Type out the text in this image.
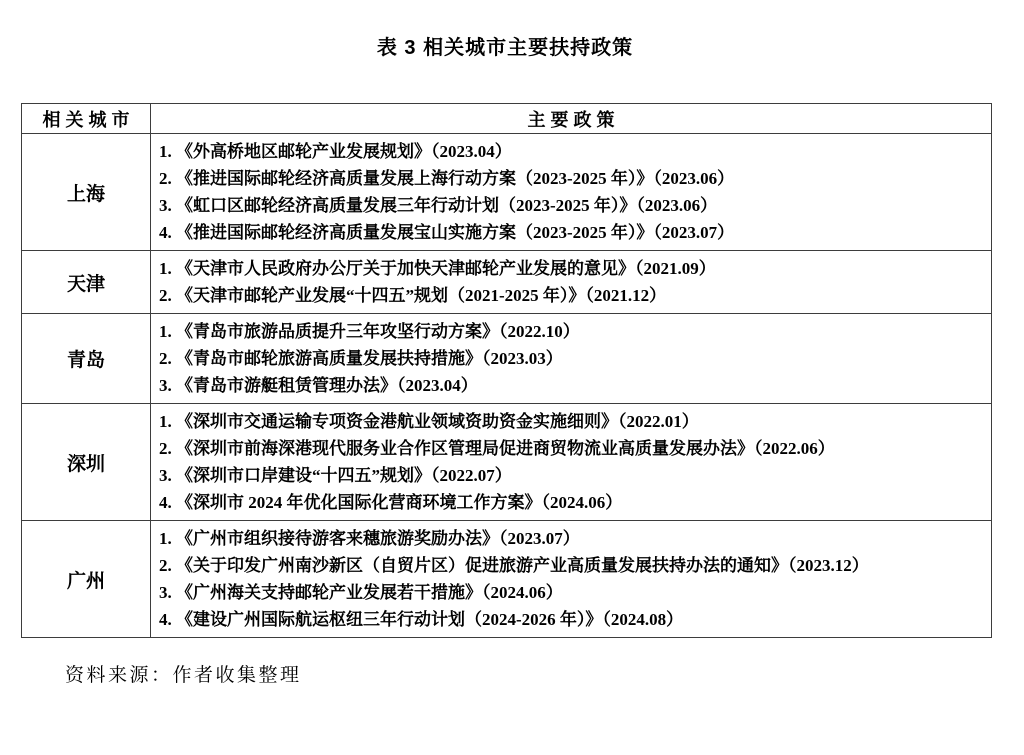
表 3 相关城市主要扶持政策
相 关 城 市	主 要 政 策
上海	1. 《外高桥地区邮轮产业发展规划》（2023.04）
2. 《推进国际邮轮经济高质量发展上海行动方案（2023-2025 年）》（2023.06）
3. 《虹口区邮轮经济高质量发展三年行动计划（2023-2025 年）》（2023.06）
4. 《推进国际邮轮经济高质量发展宝山实施方案（2023-2025 年）》（2023.07）

天津	1. 《天津市人民政府办公厅关于加快天津邮轮产业发展的意见》（2021.09）
2. 《天津市邮轮产业发展“十四五”规划（2021-2025 年）》（2021.12）

青岛	1. 《青岛市旅游品质提升三年攻坚行动方案》（2022.10）
2. 《青岛市邮轮旅游高质量发展扶持措施》（2023.03）
3. 《青岛市游艇租赁管理办法》（2023.04）

深圳	1. 《深圳市交通运输专项资金港航业领域资助资金实施细则》（2022.01）
2. 《深圳市前海深港现代服务业合作区管理局促进商贸物流业高质量发展办法》（2022.06）
3. 《深圳市口岸建设“十四五”规划》（2022.07）
4. 《深圳市 2024 年优化国际化营商环境工作方案》（2024.06）

广州	1. 《广州市组织接待游客来穗旅游奖励办法》（2023.07）
2. 《关于印发广州南沙新区（自贸片区）促进旅游产业高质量发展扶持办法的通知》（2023.12）
3. 《广州海关支持邮轮产业发展若干措施》（2024.06）
4. 《建设广州国际航运枢纽三年行动计划（2024-2026 年）》（2024.08）
资料来源：作者收集整理
